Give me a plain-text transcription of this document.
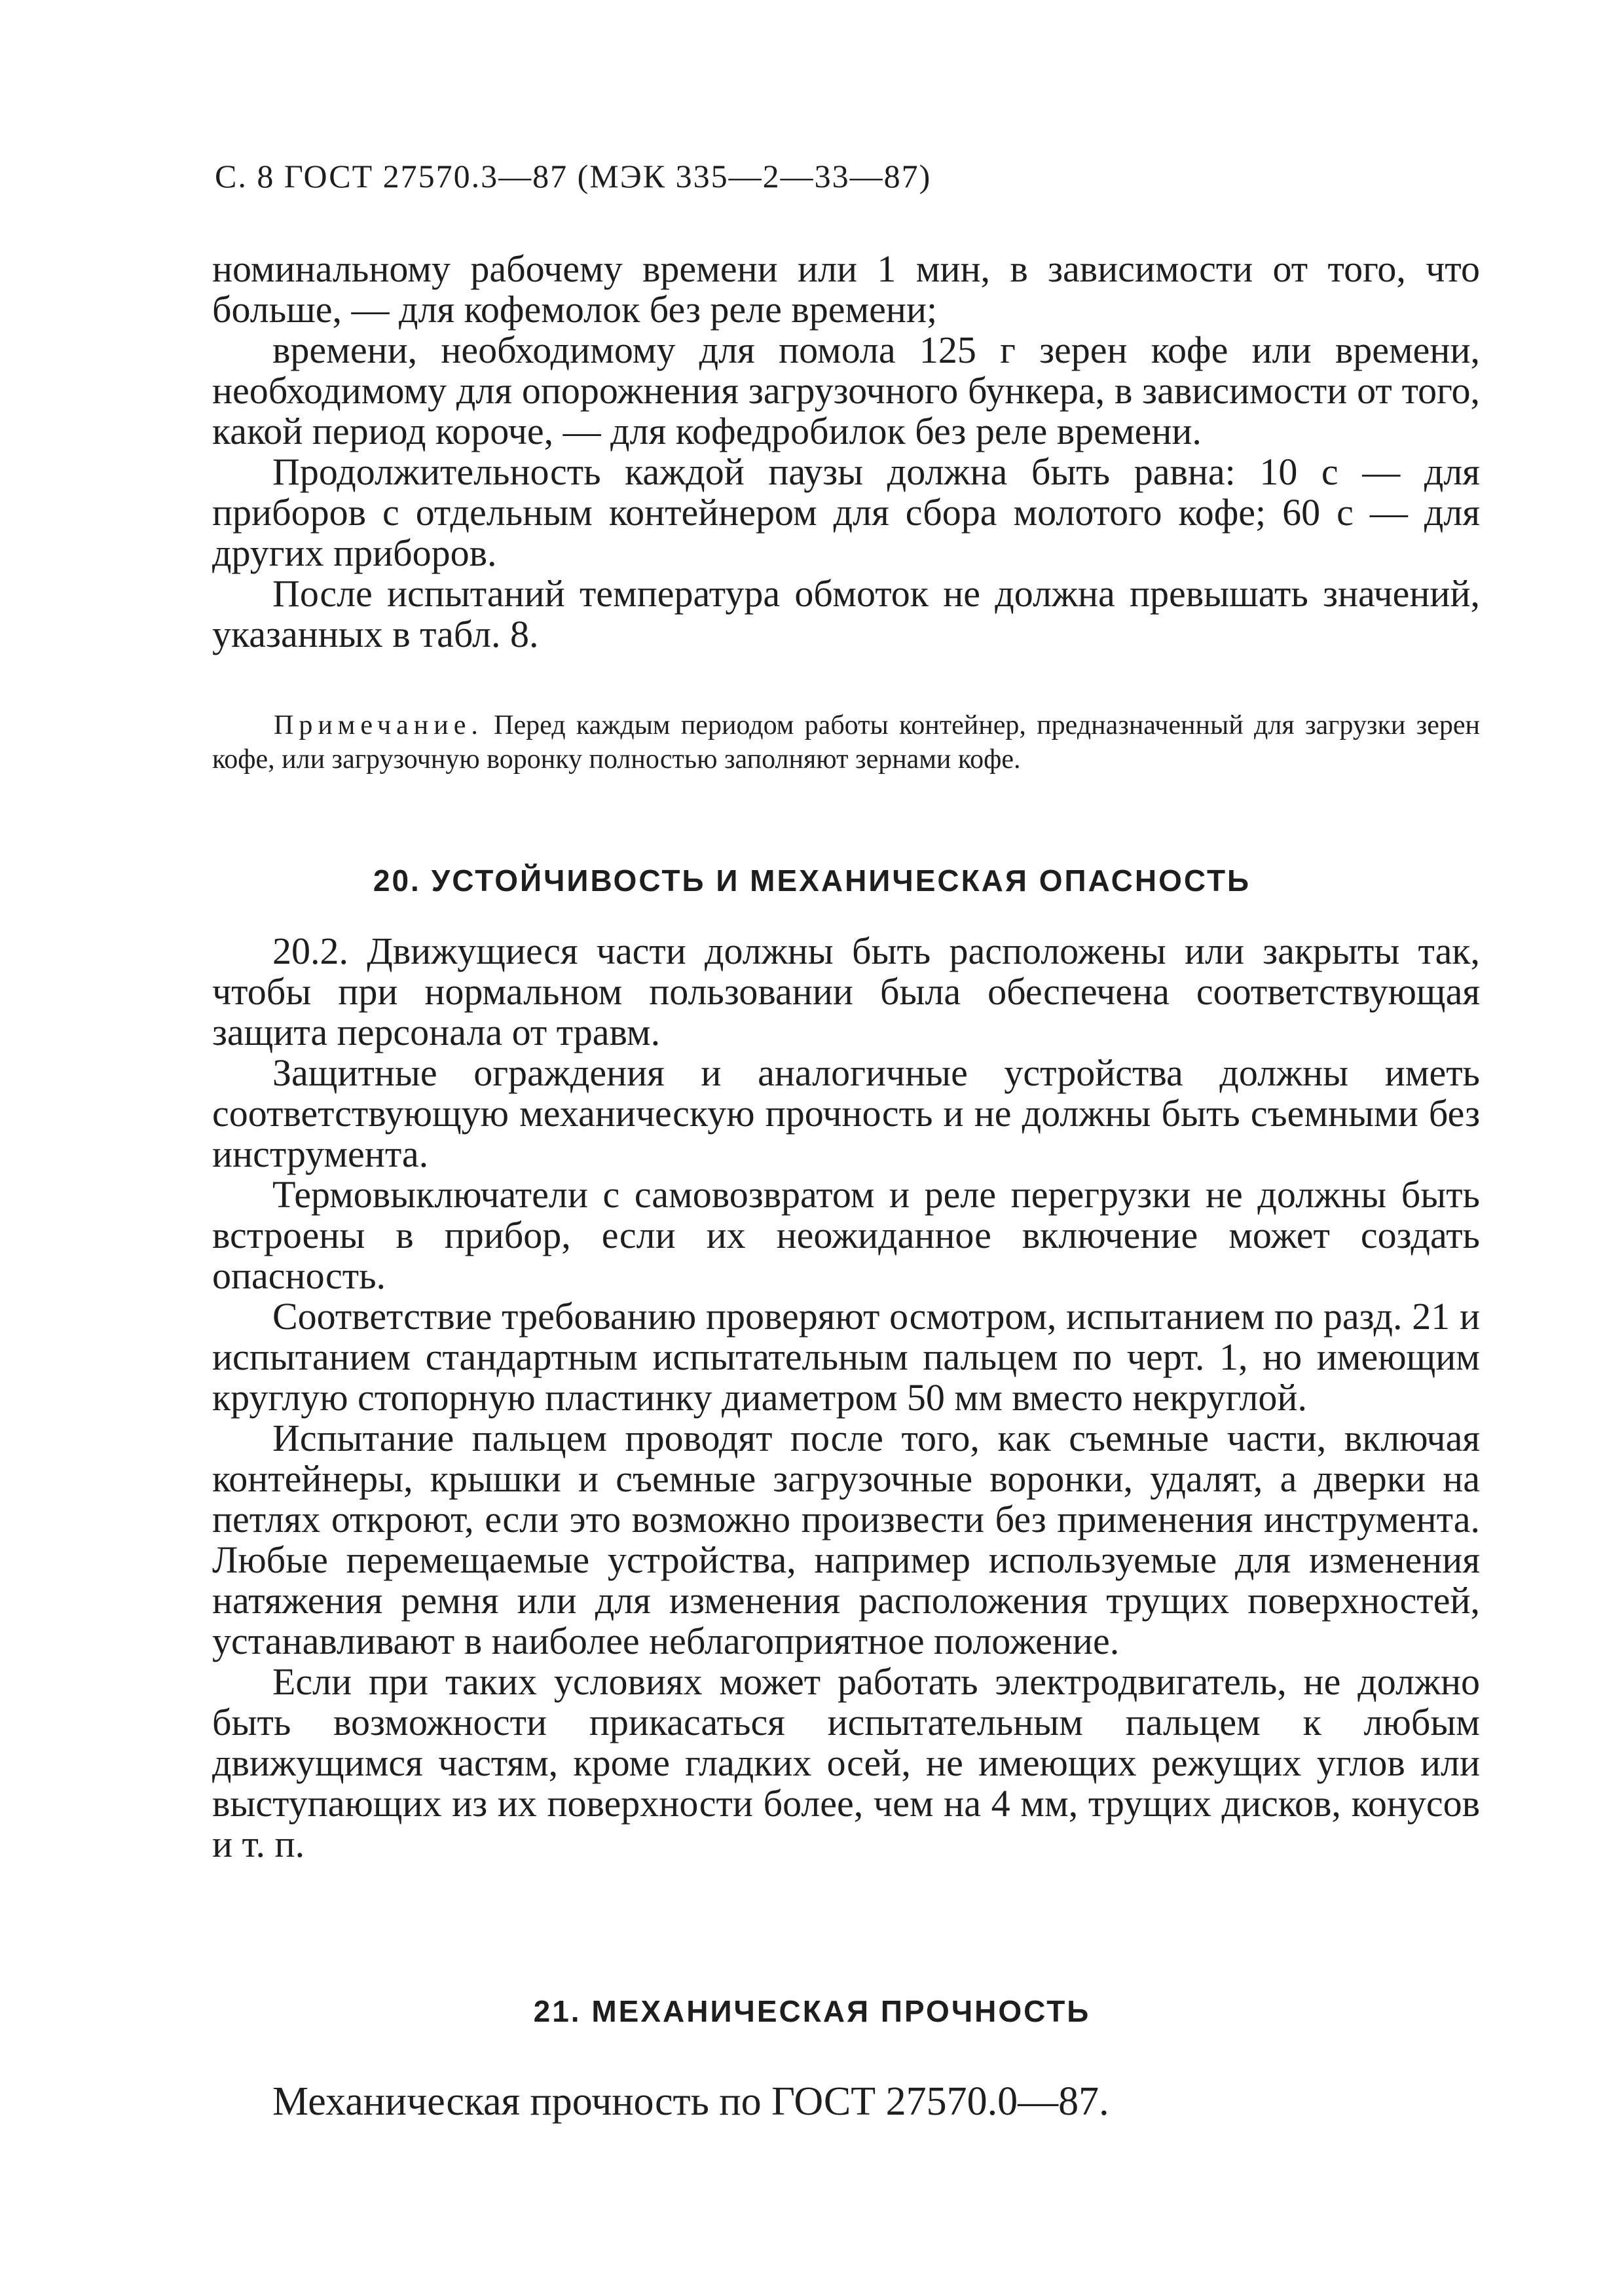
С. 8 ГОСТ 27570.3—87 (МЭК 335—2—33—87)

номинальному рабочему времени или 1 мин, в зависимости от того, что больше, — для кофемолок без реле времени;

времени, необходимому для помола 125 г зерен кофе или времени, необходимому для опорожнения загрузочного бункера, в зависимости от того, какой период короче, — для кофедробилок без реле времени.

Продолжительность каждой паузы должна быть равна: 10 с — для приборов с отдельным контейнером для сбора молотого кофе; 60 с — для других приборов.

После испытаний температура обмоток не должна превышать значений, указанных в табл. 8.

Примечание. Перед каждым периодом работы контейнер, предназначенный для загрузки зерен кофе, или загрузочную воронку полностью заполняют зернами кофе.

20. УСТОЙЧИВОСТЬ И МЕХАНИЧЕСКАЯ ОПАСНОСТЬ

20.2. Движущиеся части должны быть расположены или закрыты так, чтобы при нормальном пользовании была обеспечена соответствующая защита персонала от травм.

Защитные ограждения и аналогичные устройства должны иметь соответствующую механическую прочность и не должны быть съемными без инструмента.

Термовыключатели с самовозвратом и реле перегрузки не должны быть встроены в прибор, если их неожиданное включение может создать опасность.

Соответствие требованию проверяют осмотром, испытанием по разд. 21 и испытанием стандартным испытательным пальцем по черт. 1, но имеющим круглую стопорную пластинку диаметром 50 мм вместо некруглой.

Испытание пальцем проводят после того, как съемные части, включая контейнеры, крышки и съемные загрузочные воронки, удалят, а дверки на петлях откроют, если это возможно произвести без применения инструмента. Любые перемещаемые устройства, например используемые для изменения натяжения ремня или для изменения расположения трущих поверхностей, устанавливают в наиболее неблагоприятное положение.

Если при таких условиях может работать электродвигатель, не должно быть возможности прикасаться испытательным пальцем к любым движущимся частям, кроме гладких осей, не имеющих режущих углов или выступающих из их поверхности более, чем на 4 мм, трущих дисков, конусов и т. п.

21. МЕХАНИЧЕСКАЯ ПРОЧНОСТЬ
Механическая прочность по ГОСТ 27570.0—87.
